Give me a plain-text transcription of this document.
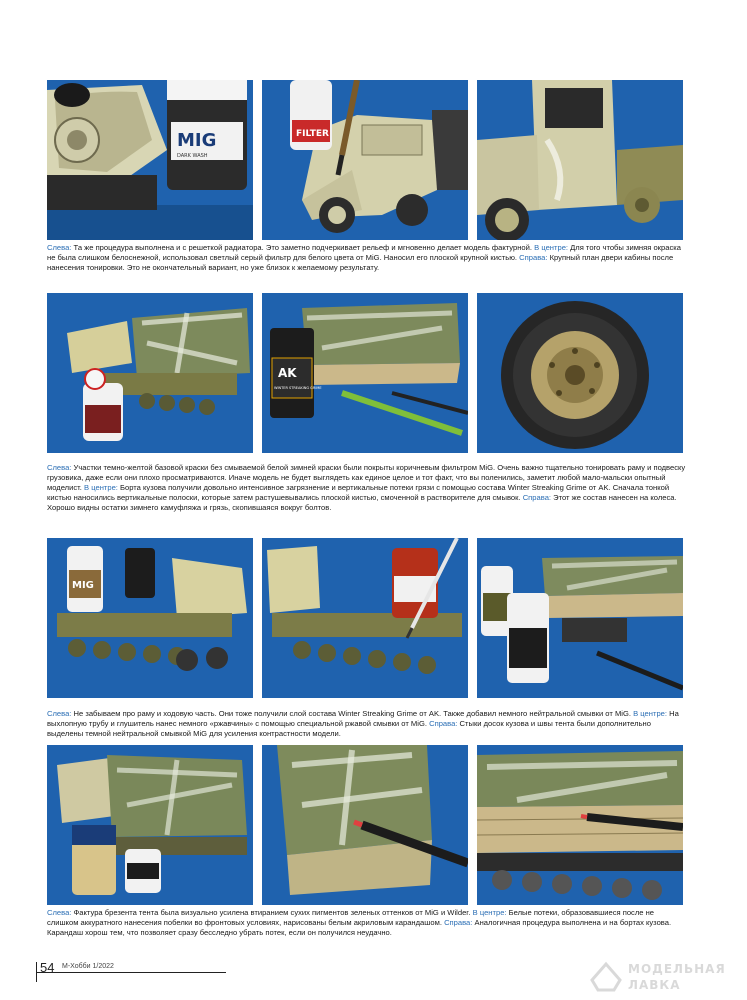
MIG
DARK WASH
FILTER
Слева: Та же процедура выполнена и с решеткой радиатора. Это заметно подчеркивает рельеф и мгновенно делает модель фактурной. В центре: Для того чтобы зимняя окраска не была слишком белоснежной, использовал светлый серый фильтр для белого цвета от MiG. Наносил его плоской крупной кистью. Справа: Крупный план двери кабины после нанесения тонировки. Это не окончательный вариант, но уже близок к желаемому результату.
AK
WINTER STREAKING GRIME
Слева: Участки темно-желтой базовой краски без смываемой белой зимней краски были покрыты коричневым фильтром MiG. Очень важно тщательно тонировать раму и подвеску грузовика, даже если они плохо просматриваются. Иначе модель не будет выглядеть как единое целое и тот факт, что вы поленились, заметит любой мало-мальски опытный моделист. В центре: Борта кузова получили довольно интенсивное загрязнение и вертикальные потеки грязи с помощью состава Winter Streaking Grime от AK. Сначала тонкой кистью наносились вертикальные полоски, которые затем растушевывались плоской кистью, смоченной в растворителе для смывок. Справа: Этот же состав нанесен на колеса. Хорошо видны остатки зимнего камуфляжа и грязь, скопившаяся вокруг болтов.
MIG
Слева: Не забываем про раму и ходовую часть. Они тоже получили слой состава Winter Streaking Grime от AK. Также добавил немного нейтральной смывки от MiG. В центре: На выхлопную трубу и глушитель нанес немного «ржавчины» с помощью специальной ржавой смывки от MiG. Справа: Стыки досок кузова и швы тента были дополнительно выделены темной нейтральной смывкой MiG для усиления контрастности модели.
Слева: Фактура брезента тента была визуально усилена втиранием сухих пигментов зеленых оттенков от MiG и Wilder. В центре: Белые потеки, образовавшиеся после не слишком аккуратного нанесения побелки во фронтовых условиях, нарисованы белым акриловым карандашом. Справа: Аналогичная процедура выполнена и на бортах кузова. Карандаш хорош тем, что позволяет сразу бесследно убрать потек, если он получился неудачно.
54 М-Хобби 1/2022	МОДЕЛЬНАЯ
ЛАВКА
